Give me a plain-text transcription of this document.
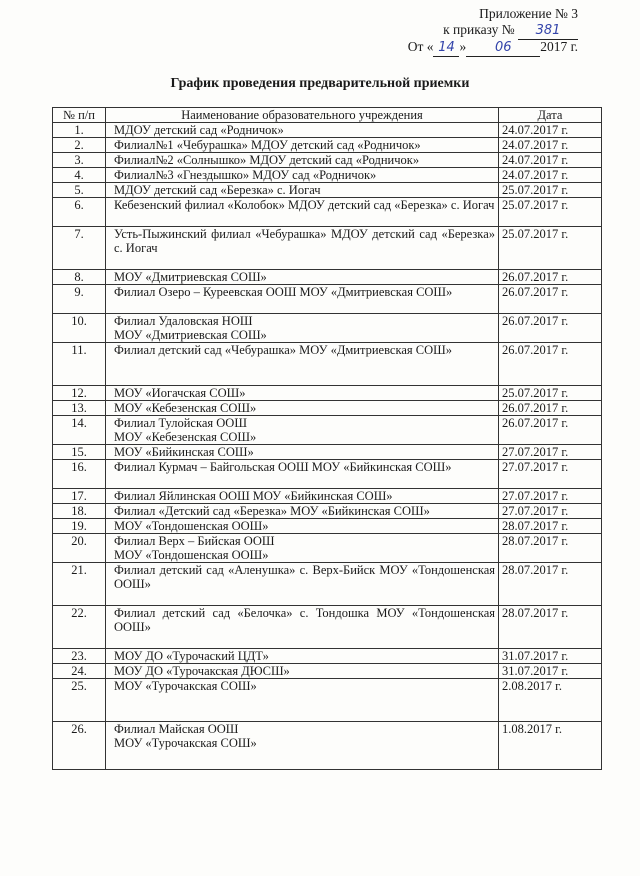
Приложение № 3
к приказу № 381
От « 14 » 06 2017 г.
График проведения предварительной приемки
№ п/п	Наименование образовательного учреждения	Дата
1.	МДОУ детский сад «Родничок»	24.07.2017 г.
2.	Филиал№1 «Чебурашка» МДОУ детский сад «Родничок»	24.07.2017 г.
3.	Филиал№2 «Солнышко» МДОУ детский сад «Родничок»	24.07.2017 г.
4.	Филиал№3 «Гнездышко» МДОУ сад «Родничок»	24.07.2017 г.
5.	МДОУ детский сад «Березка» с. Иогач	25.07.2017 г.
6.	Кебезенский филиал «Колобок» МДОУ детский сад «Березка» с. Иогач	25.07.2017 г.
7.	Усть-Пыжинский филиал «Чебурашка» МДОУ детский сад «Березка» с. Иогач	25.07.2017 г.
8.	МОУ «Дмитриевская СОШ»	26.07.2017 г.
9.	Филиал Озеро – Куреевская ООШ МОУ «Дмитриевская СОШ»	26.07.2017 г.
10.	Филиал Удаловская НОШ
МОУ «Дмитриевская СОШ»	26.07.2017 г.
11.	Филиал детский сад «Чебурашка» МОУ «Дмитриевская СОШ»	26.07.2017 г.
12.	МОУ «Иогачская СОШ»	25.07.2017 г.
13.	МОУ «Кебезенская СОШ»	26.07.2017 г.
14.	Филиал Тулойская ООШ
МОУ «Кебезенская СОШ»	26.07.2017 г.
15.	МОУ «Бийкинская СОШ»	27.07.2017 г.
16.	Филиал Курмач – Байгольская ООШ МОУ «Бийкинская СОШ»	27.07.2017 г.
17.	Филиал Яйлинская ООШ МОУ «Бийкинская СОШ»	27.07.2017 г.
18.	Филиал «Детский сад «Березка» МОУ «Бийкинская СОШ»	27.07.2017 г.
19.	МОУ «Тондошенская ООШ»	28.07.2017 г.
20.	Филиал Верх – Бийская ООШ
МОУ «Тондошенская ООШ»	28.07.2017 г.
21.	Филиал детский сад «Аленушка» с. Верх-Бийск МОУ «Тондошенская ООШ»	28.07.2017 г.
22.	Филиал детский сад «Белочка» с. Тондошка МОУ «Тондошенская ООШ»	28.07.2017 г.
23.	МОУ ДО «Турочаский ЦДТ»	31.07.2017 г.
24.	МОУ ДО «Турочакская ДЮСШ»	31.07.2017 г.
25.	МОУ «Турочакская СОШ»	2.08.2017 г.
26.	Филиал Майская ООШ
МОУ «Турочакская СОШ»	1.08.2017 г.
